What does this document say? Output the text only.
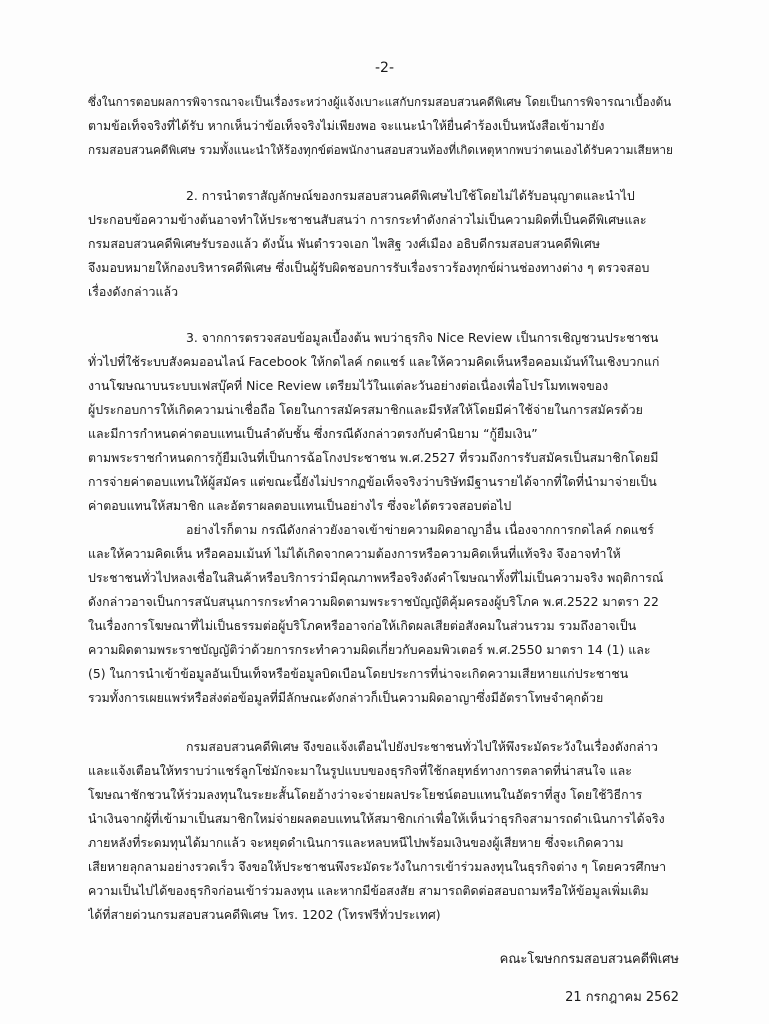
-2-
ซึ่งในการตอบผลการพิจารณาจะเป็นเรื่องระหว่างผู้แจ้งเบาะแสกับกรมสอบสวนคดีพิเศษ โดยเป็นการพิจารณาเบื้องต้น
ตามข้อเท็จจริงที่ได้รับ หากเห็นว่าข้อเท็จจริงไม่เพียงพอ จะแนะนำให้ยื่นคำร้องเป็นหนังสือเข้ามายัง
กรมสอบสวนคดีพิเศษ รวมทั้งแนะนำให้ร้องทุกข์ต่อพนักงานสอบสวนท้องที่เกิดเหตุหากพบว่าตนเองได้รับความเสียหาย
2. การนำตราสัญลักษณ์ของกรมสอบสวนคดีพิเศษไปใช้โดยไม่ได้รับอนุญาตและนำไป
ประกอบข้อความข้างต้นอาจทำให้ประชาชนสับสนว่า การกระทำดังกล่าวไม่เป็นความผิดที่เป็นคดีพิเศษและ
กรมสอบสวนคดีพิเศษรับรองแล้ว ดังนั้น พันตำรวจเอก ไพสิฐ วงศ์เมือง อธิบดีกรมสอบสวนคดีพิเศษ
จึงมอบหมายให้กองบริหารคดีพิเศษ ซึ่งเป็นผู้รับผิดชอบการรับเรื่องราวร้องทุกข์ผ่านช่องทางต่าง ๆ ตรวจสอบ
เรื่องดังกล่าวแล้ว
3. จากการตรวจสอบข้อมูลเบื้องต้น พบว่าธุรกิจ Nice Review เป็นการเชิญชวนประชาชน
ทั่วไปที่ใช้ระบบสังคมออนไลน์ Facebook ให้กดไลค์ กดแชร์ และให้ความคิดเห็นหรือคอมเม้นท์ในเชิงบวกแก่
งานโฆษณาบนระบบเฟสบุ๊คที่ Nice Review เตรียมไว้ในแต่ละวันอย่างต่อเนื่องเพื่อโปรโมทเพจของ
ผู้ประกอบการให้เกิดความน่าเชื่อถือ โดยในการสมัครสมาชิกและมีรหัสให้โดยมีค่าใช้จ่ายในการสมัครด้วย
และมีการกำหนดค่าตอบแทนเป็นลำดับชั้น ซึ่งกรณีดังกล่าวตรงกับคำนิยาม “กู้ยืมเงิน”
ตามพระราชกำหนดการกู้ยืมเงินที่เป็นการฉ้อโกงประชาชน พ.ศ.2527 ที่รวมถึงการรับสมัครเป็นสมาชิกโดยมี
การจ่ายค่าตอบแทนให้ผู้สมัคร แต่ขณะนี้ยังไม่ปรากฏข้อเท็จจริงว่าบริษัทมีฐานรายได้จากที่ใดที่นำมาจ่ายเป็น
ค่าตอบแทนให้สมาชิก และอัตราผลตอบแทนเป็นอย่างไร ซึ่งจะได้ตรวจสอบต่อไป
อย่างไรก็ตาม กรณีดังกล่าวยังอาจเข้าข่ายความผิดอาญาอื่น เนื่องจากการกดไลค์ กดแชร์
และให้ความคิดเห็น หรือคอมเม้นท์ ไม่ได้เกิดจากความต้องการหรือความคิดเห็นที่แท้จริง จึงอาจทำให้
ประชาชนทั่วไปหลงเชื่อในสินค้าหรือบริการว่ามีคุณภาพหรือจริงดังคำโฆษณาทั้งที่ไม่เป็นความจริง พฤติการณ์
ดังกล่าวอาจเป็นการสนับสนุนการกระทำความผิดตามพระราชบัญญัติคุ้มครองผู้บริโภค พ.ศ.2522 มาตรา 22
ในเรื่องการโฆษณาที่ไม่เป็นธรรมต่อผู้บริโภคหรืออาจก่อให้เกิดผลเสียต่อสังคมในส่วนรวม รวมถึงอาจเป็น
ความผิดตามพระราชบัญญัติว่าด้วยการกระทำความผิดเกี่ยวกับคอมพิวเตอร์ พ.ศ.2550 มาตรา 14 (1) และ
(5) ในการนำเข้าข้อมูลอันเป็นเท็จหรือข้อมูลบิดเบือนโดยประการที่น่าจะเกิดความเสียหายแก่ประชาชน
รวมทั้งการเผยแพร่หรือส่งต่อข้อมูลที่มีลักษณะดังกล่าวก็เป็นความผิดอาญาซึ่งมีอัตราโทษจำคุกด้วย
กรมสอบสวนคดีพิเศษ จึงขอแจ้งเตือนไปยังประชาชนทั่วไปให้พึงระมัดระวังในเรื่องดังกล่าว
และแจ้งเตือนให้ทราบว่าแชร์ลูกโซ่มักจะมาในรูปแบบของธุรกิจที่ใช้กลยุทธ์ทางการตลาดที่น่าสนใจ และ
โฆษณาชักชวนให้ร่วมลงทุนในระยะสั้นโดยอ้างว่าจะจ่ายผลประโยชน์ตอบแทนในอัตราที่สูง โดยใช้วิธีการ
นำเงินจากผู้ที่เข้ามาเป็นสมาชิกใหม่จ่ายผลตอบแทนให้สมาชิกเก่าเพื่อให้เห็นว่าธุรกิจสามารถดำเนินการได้จริง
ภายหลังที่ระดมทุนได้มากแล้ว จะหยุดดำเนินการและหลบหนีไปพร้อมเงินของผู้เสียหาย ซึ่งจะเกิดความ
เสียหายลุกลามอย่างรวดเร็ว จึงขอให้ประชาชนพึงระมัดระวังในการเข้าร่วมลงทุนในธุรกิจต่าง ๆ โดยควรศึกษา
ความเป็นไปได้ของธุรกิจก่อนเข้าร่วมลงทุน และหากมีข้อสงสัย สามารถติดต่อสอบถามหรือให้ข้อมูลเพิ่มเติม
ได้ที่สายด่วนกรมสอบสวนคดีพิเศษ โทร. 1202 (โทรฟรีทั่วประเทศ)
คณะโฆษกกรมสอบสวนคดีพิเศษ
21 กรกฎาคม 2562
